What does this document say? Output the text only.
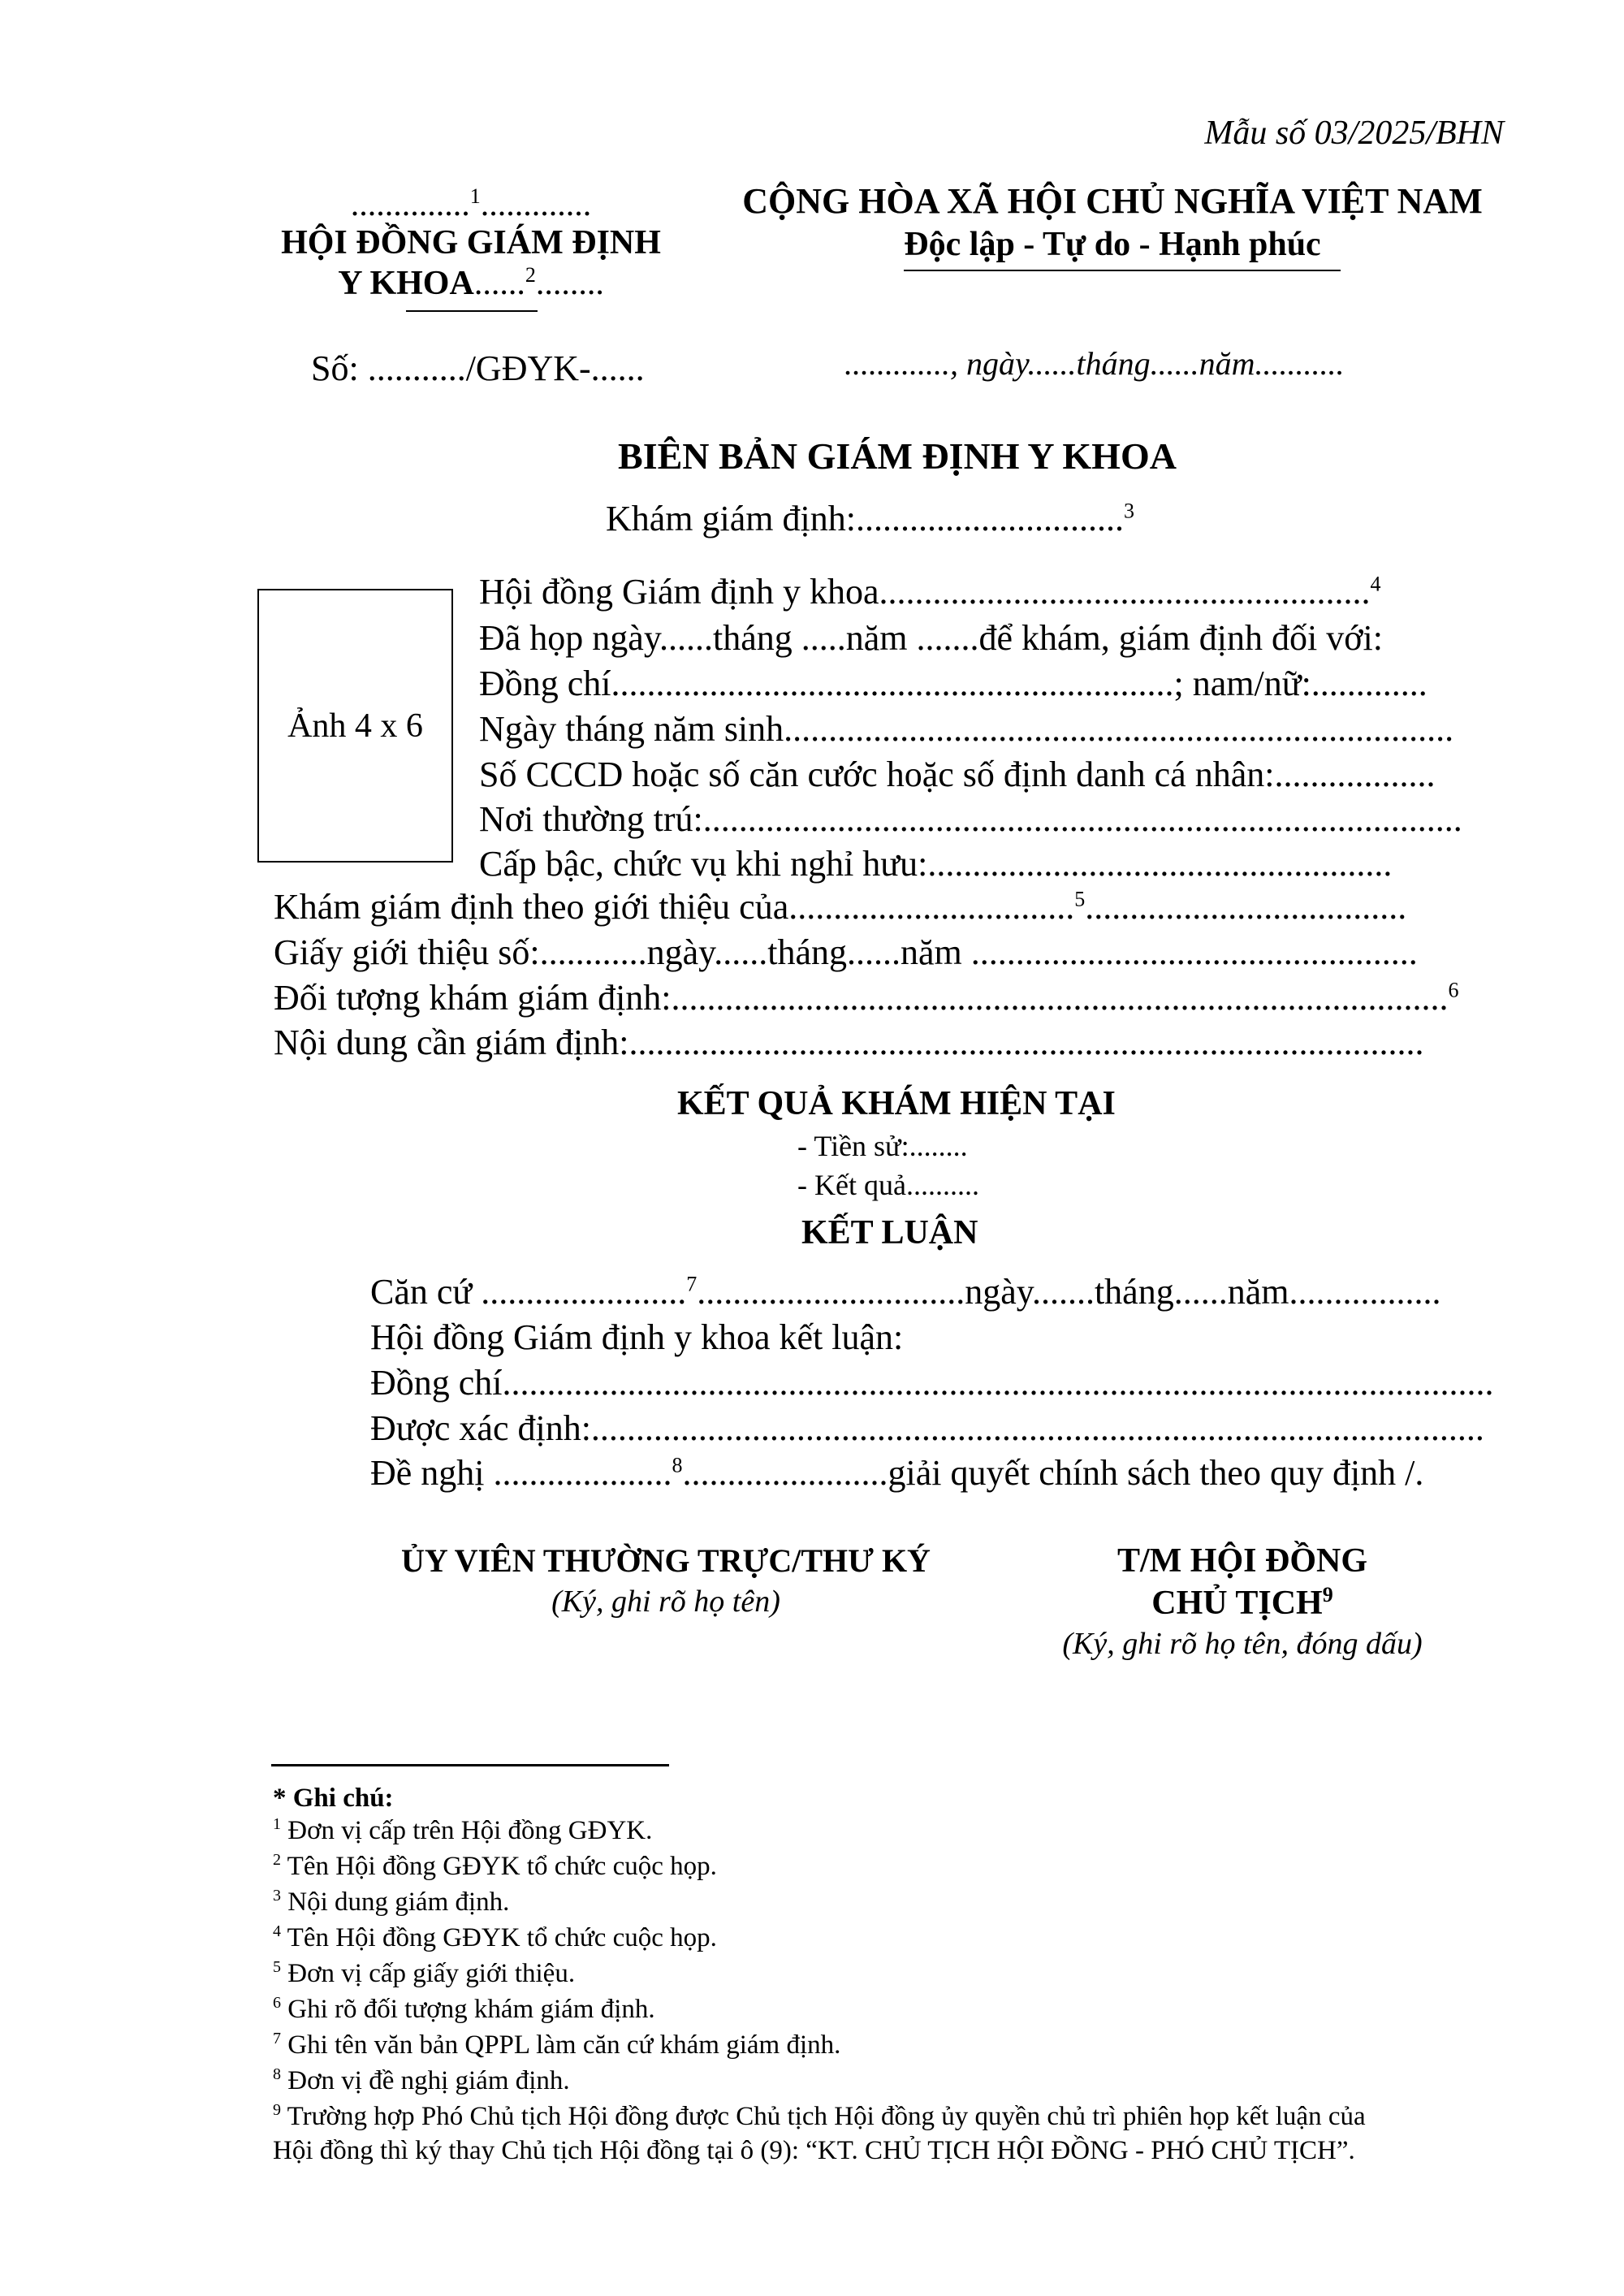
Mẫu số 03/2025/BHN
..............$^1$.............
HỘI ĐỒNG GIÁM ĐỊNH
Y KHOA......$^2$........
Số: .........../GĐYK-......
CỘNG HÒA XÃ HỘI CHỦ NGHĨA VIỆT NAM
Độc lập - Tự do - Hạnh phúc
............., ngày......tháng......năm...........
BIÊN BẢN GIÁM ĐỊNH Y KHOA
Khám giám định:..............................$^3$
Ảnh 4 x 6
Hội đồng Giám định y khoa.......................................................$^4$
Đã họp ngày......tháng .....năm .......để khám, giám định đối với:
Đồng chí...............................................................; nam/nữ:.............
Ngày tháng năm sinh...........................................................................
Số CCCD hoặc số căn cước hoặc số định danh cá nhân:..................
Nơi thường trú:.....................................................................................
Cấp bậc, chức vụ khi nghỉ hưu:....................................................
Khám giám định theo giới thiệu của................................$^5$....................................
Giấy giới thiệu số:............ngày......tháng......năm ..................................................
Đối tượng khám giám định:.......................................................................................$^6$
Nội dung cần giám định:.........................................................................................
KẾT QUẢ KHÁM HIỆN TẠI
- Tiền sử:........
- Kết quả..........
KẾT LUẬN
Căn cứ .......................$^7$..............................ngày.......tháng......năm.................
Hội đồng Giám định y khoa kết luận:
Đồng chí...............................................................................................................
Được xác định:....................................................................................................
Đề nghị ....................$^8$.......................giải quyết chính sách theo quy định /.
ỦY VIÊN THƯỜNG TRỰC/THƯ KÝ
(Ký, ghi rõ họ tên)
T/M HỘI ĐỒNG
CHỦ TỊCH$^9$
(Ký, ghi rõ họ tên, đóng dấu)
* Ghi chú:
$^1$ Đơn vị cấp trên Hội đồng GĐYK.
$^2$ Tên Hội đồng GĐYK tổ chức cuộc họp.
$^3$ Nội dung giám định.
$^4$ Tên Hội đồng GĐYK tổ chức cuộc họp.
$^5$ Đơn vị cấp giấy giới thiệu.
$^6$ Ghi rõ đối tượng khám giám định.
$^7$ Ghi tên văn bản QPPL làm căn cứ khám giám định.
$^8$ Đơn vị đề nghị giám định.
$^9$ Trường hợp Phó Chủ tịch Hội đồng được Chủ tịch Hội đồng ủy quyền chủ trì phiên họp kết luận của
Hội đồng thì ký thay Chủ tịch Hội đồng tại ô (9): “KT. CHỦ TỊCH HỘI ĐỒNG - PHÓ CHỦ TỊCH”.
